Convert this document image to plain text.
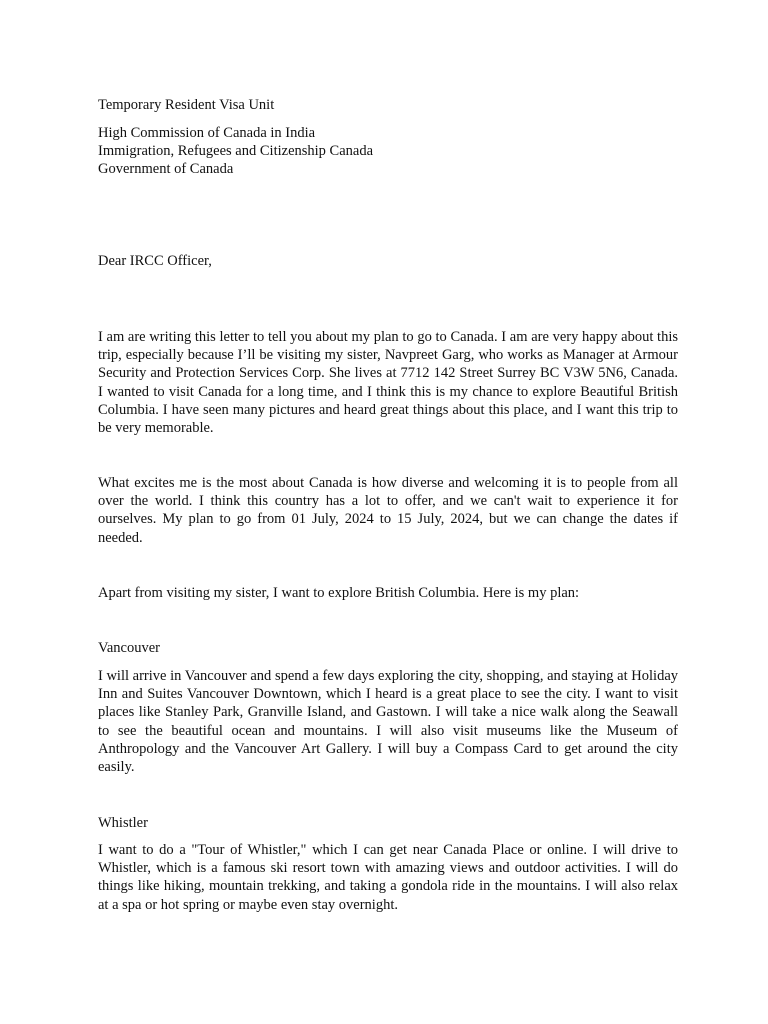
Temporary Resident Visa Unit

High Commission of Canada in India
Immigration, Refugees and Citizenship Canada
Government of Canada

Dear IRCC Officer,

I am are writing this letter to tell you about my plan to go to Canada. I am are very happy about this trip, especially because I’ll be visiting my sister, Navpreet Garg, who works as Manager at Armour Security and Protection Services Corp. She lives at 7712 142 Street Surrey BC V3W 5N6, Canada. I wanted to visit Canada for a long time, and I think this is my chance to explore Beautiful British Columbia. I have seen many pictures and heard great things about this place, and I want this trip to be very memorable.

What excites me is the most about Canada is how diverse and welcoming it is to people from all over the world. I think this country has a lot to offer, and we can't wait to experience it for ourselves. My plan to go from 01 July, 2024 to 15 July, 2024, but we can change the dates if needed.

Apart from visiting my sister, I want to explore British Columbia. Here is my plan:

Vancouver

I will arrive in Vancouver and spend a few days exploring the city, shopping, and staying at Holiday Inn and Suites Vancouver Downtown, which I heard is a great place to see the city. I want to visit places like Stanley Park, Granville Island, and Gastown. I will take a nice walk along the Seawall to see the beautiful ocean and mountains. I will also visit museums like the Museum of Anthropology and the Vancouver Art Gallery. I will buy a Compass Card to get around the city easily.

Whistler

I want to do a "Tour of Whistler," which I can get near Canada Place or online. I will drive to Whistler, which is a famous ski resort town with amazing views and outdoor activities. I will do things like hiking, mountain trekking, and taking a gondola ride in the mountains. I will also relax at a spa or hot spring or maybe even stay overnight.
